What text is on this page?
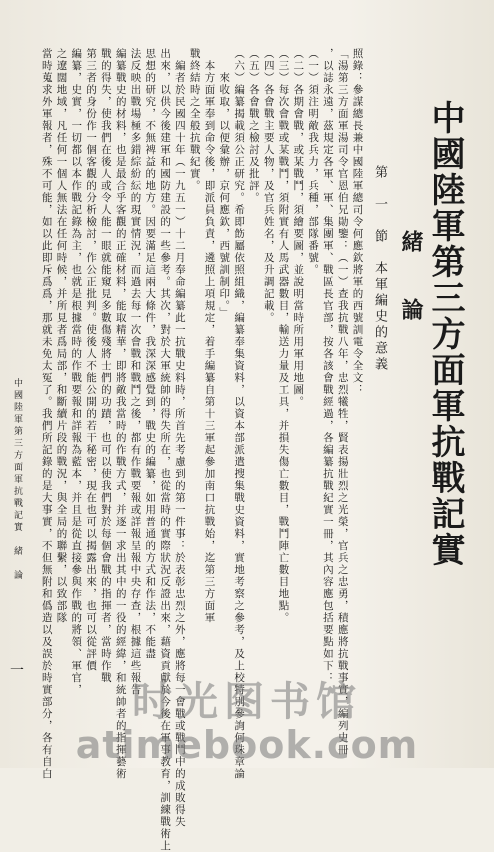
中國陸軍第三方面軍抗戰記實
緒　論
第　一　節　本軍編史的意義
照錄：參謀總長兼中國陸軍總司令何應欽將軍的西號訓電令全文：
「湯第三方面軍湯司令官恩伯兄勛鑒：（一）查我抗戰八年，忠烈犧牲，賢表揚壯烈之光榮，官兵之忠勇，積應將抗戰事實，編列史冊
，以誌永遠，茲規定各軍、軍、集團軍、戰區長官部，按各該會戰經過，各編纂抗戰紀實一冊，其內容應包括要點如下：
（一）須注明敵我兵力，兵種，部隊番號。
（二）各期會戰，或某戰鬥，須繪要圖，並說明當時所用軍用地圖。
（三）每次會戰或某戰鬥，須附實有人馬武器數目，輸送力量及工具，并損失傷亡數目，戰鬥陣亡數目地點。
（四）各會戰主要人物，及官兵姓名，及升調記載。
（五）各會戰之檢討及批評。
（六）編纂揭載須公正研究。希即飭屬依照組織，編纂奉集資料，以資本部派遣搜集戰史資料，實地考察之參考，及上校特別參詢何珠章論
　　來收取，以便彙辦，京何應欽，西號訓制印。」
　本方面軍奉到命令後，即派員負責，遴照上項規定，着手編纂自第十三軍起參加南口抗戰始，迄第三方面軍
戰終結時之全般抗戰紀實。
　編者於民國四十年（一九五一）十二月奉命編纂此一抗戰史料時，所首先考慮到的第一件事：於表彰忠烈之外，應將每一會戰或戰鬥中的成敗得失
出來，以供今後建軍和國防建設的一些參考。其次，對於大軍統帥的得失所在，也從當時的實際狀況反證出來，藉資貢獻於今後在軍事教育，訓練戰術上
思想的研究，不無裨益的地方。因要滿足這兩大條件，我深深感覺到，戰史的編纂，如用普通的方式和作法，不能盡
法反映出戰場極多錯綜紛紜的現實情況，而過去每一次會戰和戰鬥之後，都有作戰要報或詳報呈報中央存查，根據這些報告
編纂戰史的材料，也是最合乎客觀的正確材料，能取精華，即將敵我當時的作戰方式，并逐一求出其中的一役的經緯，和統帥者的指揮藝術
戰的得失，使我們在後人或令人能一眼就能窺見多數傷殘將士們的功蹟，也可以使我們對於每個會戰的指揮者，當時作戰
第三者的身份作一個客觀的分析檢討，作公正批判。使後人不能公開的若干秘密，現在也可以揭露出來，也可以從評價
編纂，史實，一切都以本作戰記錄為主，也就是根據當時的作戰要報和詳報為藍本，并且是從直接參與作戰的將領、軍官，
之遼闊地域，凡任何一個人無法在任何時候，并所見者爲局部，和斷續片段的戰況，與全局的聯繫，以致部隊
當時蒐求外軍報者，殊不可能，如以此即斥爲爲，那就未免太冤了。我們所記錄的是大事實，不但無附和僞造以及誤於時實部分，各有自白
中國陸軍第三方面軍抗戰記實　緒　論
一
时光图书馆
atimebook.com
